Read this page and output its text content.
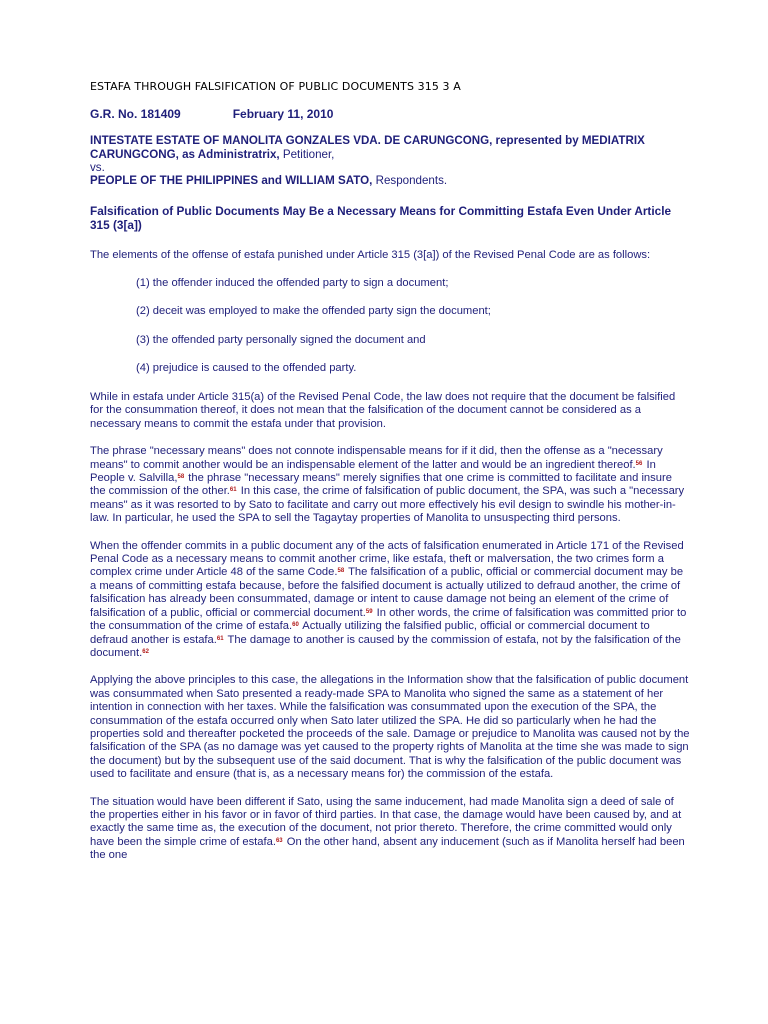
ESTAFA THROUGH FALSIFICATION OF PUBLIC DOCUMENTS 315 3 A
G.R. No. 181409	February 11, 2010
INTESTATE ESTATE OF MANOLITA GONZALES VDA. DE CARUNGCONG, represented by MEDIATRIX CARUNGCONG, as Administratrix, Petitioner,
vs.
PEOPLE OF THE PHILIPPINES and WILLIAM SATO, Respondents.
Falsification of Public Documents May Be a Necessary Means for Committing Estafa Even Under Article 315 (3[a])

The elements of the offense of estafa punished under Article 315 (3[a]) of the Revised Penal Code are as follows:

(1) the offender induced the offended party to sign a document;
(2) deceit was employed to make the offended party sign the document;
(3) the offended party personally signed the document and
(4) prejudice is caused to the offended party.

While in estafa under Article 315(a) of the Revised Penal Code, the law does not require that the document be falsified for the consummation thereof, it does not mean that the falsification of the document cannot be considered as a necessary means to commit the estafa under that provision.

The phrase "necessary means" does not connote indispensable means for if it did, then the offense as a "necessary means" to commit another would be an indispensable element of the latter and would be an ingredient thereof.56 In People v. Salvilla,58 the phrase "necessary means" merely signifies that one crime is committed to facilitate and insure the commission of the other.61 In this case, the crime of falsification of public document, the SPA, was such a "necessary means" as it was resorted to by Sato to facilitate and carry out more effectively his evil design to swindle his mother-in-law. In particular, he used the SPA to sell the Tagaytay properties of Manolita to unsuspecting third persons.

When the offender commits in a public document any of the acts of falsification enumerated in Article 171 of the Revised Penal Code as a necessary means to commit another crime, like estafa, theft or malversation, the two crimes form a complex crime under Article 48 of the same Code.58 The falsification of a public, official or commercial document may be a means of committing estafa because, before the falsified document is actually utilized to defraud another, the crime of falsification has already been consummated, damage or intent to cause damage not being an element of the crime of falsification of a public, official or commercial document.59 In other words, the crime of falsification was committed prior to the consummation of the crime of estafa.60 Actually utilizing the falsified public, official or commercial document to defraud another is estafa.61 The damage to another is caused by the commission of estafa, not by the falsification of the document.62

Applying the above principles to this case, the allegations in the Information show that the falsification of public document was consummated when Sato presented a ready-made SPA to Manolita who signed the same as a statement of her intention in connection with her taxes. While the falsification was consummated upon the execution of the SPA, the consummation of the estafa occurred only when Sato later utilized the SPA. He did so particularly when he had the properties sold and thereafter pocketed the proceeds of the sale. Damage or prejudice to Manolita was caused not by the falsification of the SPA (as no damage was yet caused to the property rights of Manolita at the time she was made to sign the document) but by the subsequent use of the said document. That is why the falsification of the public document was used to facilitate and ensure (that is, as a necessary means for) the commission of the estafa.

The situation would have been different if Sato, using the same inducement, had made Manolita sign a deed of sale of the properties either in his favor or in favor of third parties. In that case, the damage would have been caused by, and at exactly the same time as, the execution of the document, not prior thereto. Therefore, the crime committed would only have been the simple crime of estafa.63 On the other hand, absent any inducement (such as if Manolita herself had been the one
